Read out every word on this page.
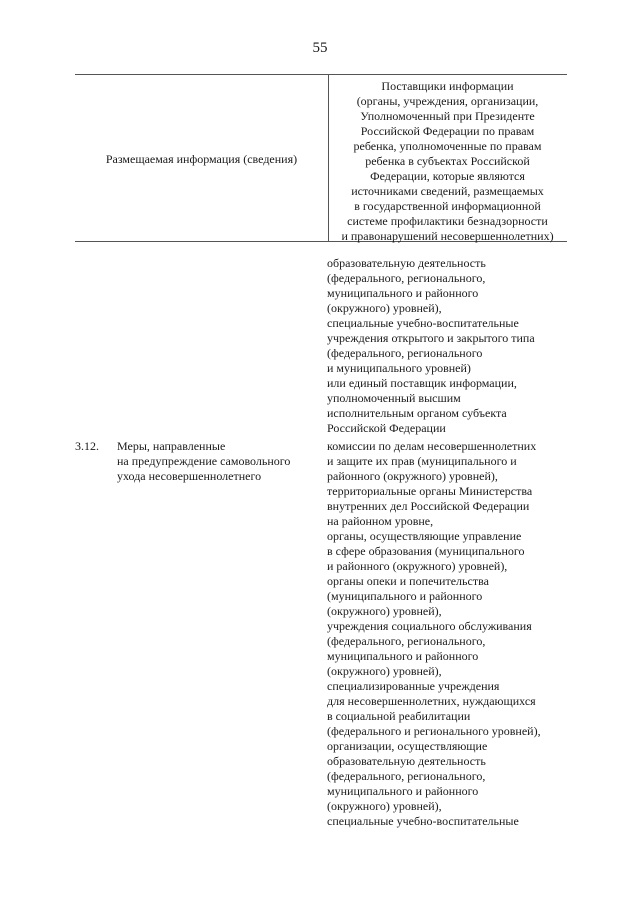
55
Размещаемая информация (сведения)
Поставщики информации
(органы, учреждения, организации,
Уполномоченный при Президенте
Российской Федерации по правам
ребенка, уполномоченные по правам
ребенка в субъектах Российской
Федерации, которые являются
источниками сведений, размещаемых
в государственной информационной
системе профилактики безнадзорности
и правонарушений несовершеннолетних)
образовательную деятельность
(федерального, регионального,
муниципального и районного
(окружного) уровней),
специальные учебно-воспитательные
учреждения открытого и закрытого типа
(федерального, регионального
и муниципального уровней)
или единый поставщик информации,
уполномоченный высшим
исполнительным органом субъекта
Российской Федерации
3.12. Меры, направленные
на предупреждение самовольного
ухода несовершеннолетнего
комиссии по делам несовершеннолетних
и защите их прав (муниципального и
районного (окружного) уровней),
территориальные органы Министерства
внутренних дел Российской Федерации
на районном уровне,
органы, осуществляющие управление
в сфере образования (муниципального
и районного (окружного) уровней),
органы опеки и попечительства
(муниципального и районного
(окружного) уровней),
учреждения социального обслуживания
(федерального, регионального,
муниципального и районного
(окружного) уровней),
специализированные учреждения
для несовершеннолетних, нуждающихся
в социальной реабилитации
(федерального и регионального уровней),
организации, осуществляющие
образовательную деятельность
(федерального, регионального,
муниципального и районного
(окружного) уровней),
специальные учебно-воспитательные
